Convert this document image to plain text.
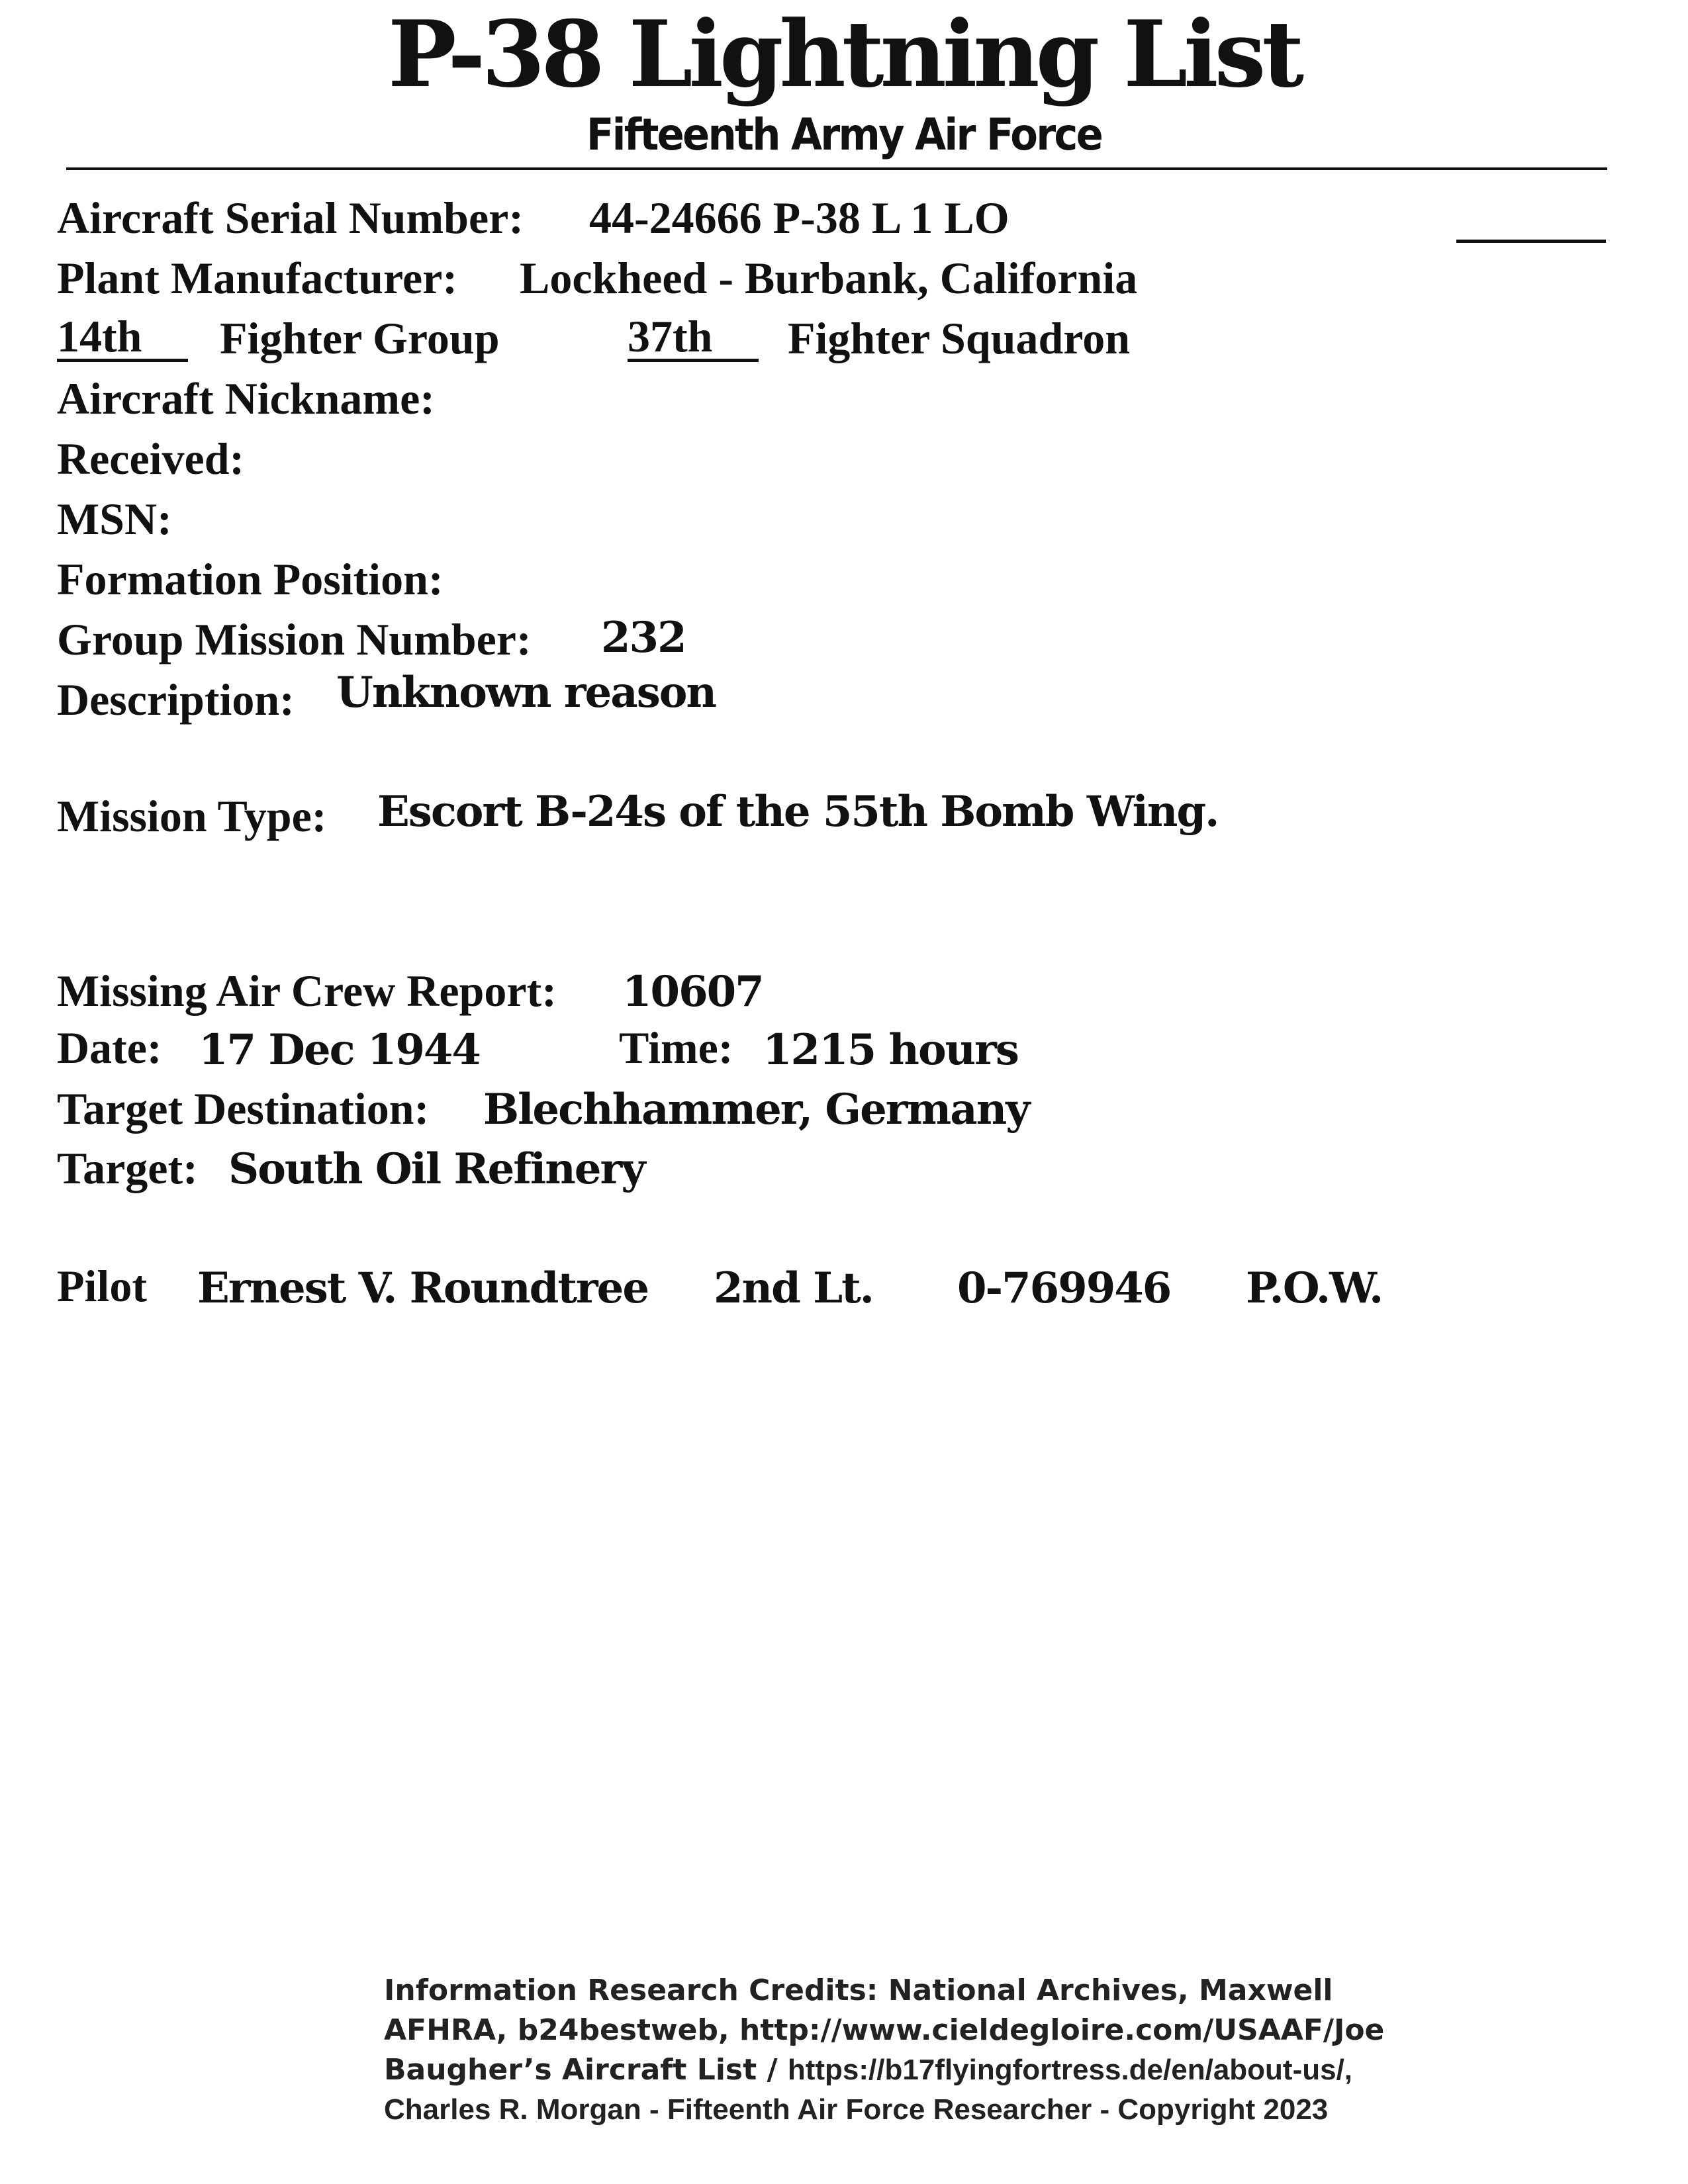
P-38 Lightning List
Fifteenth Army Air Force
Aircraft Serial Number: 44-24666 P-38 L 1 LO
Plant Manufacturer: Lockheed - Burbank, California
14th	Fighter Group	37th	Fighter Squadron
Aircraft Nickname:
Received:
MSN:
Formation Position:
Group Mission Number: 232
Description: Unknown reason
Mission Type: Escort B-24s of the 55th Bomb Wing.
Missing Air Crew Report: 10607
Date: 17 Dec 1944	Time: 1215 hours
Target Destination: Blechhammer, Germany
Target: South Oil Refinery
Pilot Ernest V. Roundtree 2nd Lt. 0-769946 P.O.W.
Information Research Credits: National Archives, Maxwell AFHRA, b24bestweb, http://www.cieldegloire.com/USAAF/Joe Baugher’s Aircraft List / https://b17flyingfortress.de/en/about-us/, Charles R. Morgan - Fifteenth Air Force Researcher - Copyright 2023
